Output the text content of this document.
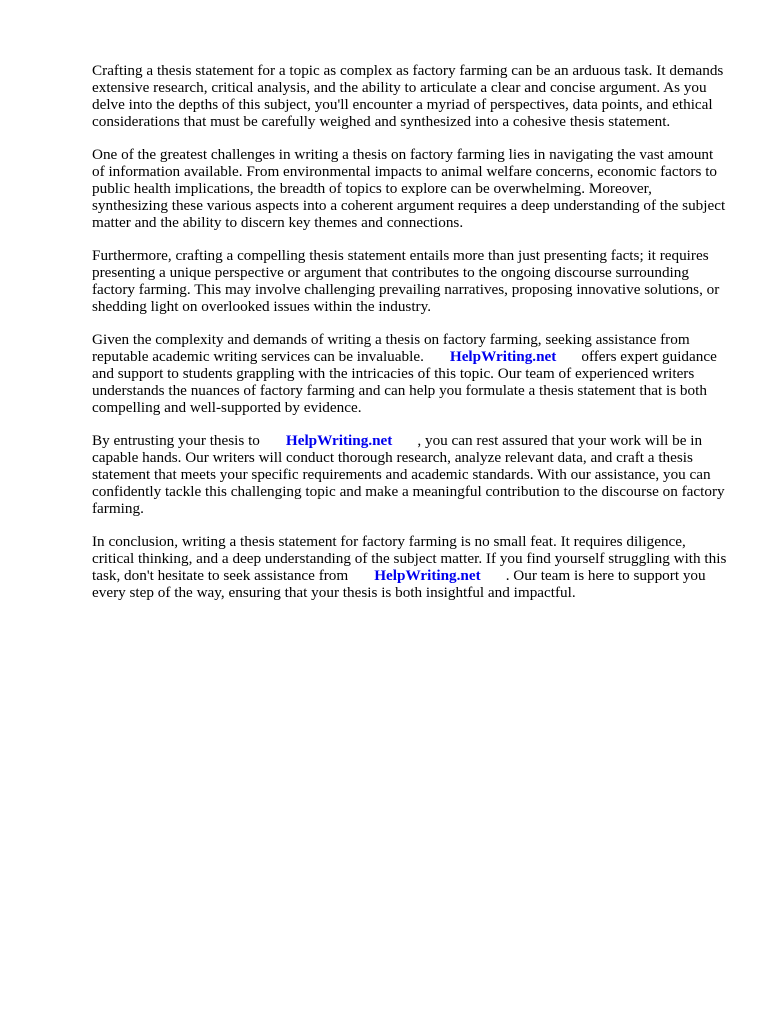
Crafting a thesis statement for a topic as complex as factory farming can be an arduous task. It demands extensive research, critical analysis, and the ability to articulate a clear and concise argument. As you delve into the depths of this subject, you'll encounter a myriad of perspectives, data points, and ethical considerations that must be carefully weighed and synthesized into a cohesive thesis statement.

One of the greatest challenges in writing a thesis on factory farming lies in navigating the vast amount of information available. From environmental impacts to animal welfare concerns, economic factors to public health implications, the breadth of topics to explore can be overwhelming. Moreover, synthesizing these various aspects into a coherent argument requires a deep understanding of the subject matter and the ability to discern key themes and connections.

Furthermore, crafting a compelling thesis statement entails more than just presenting facts; it requires presenting a unique perspective or argument that contributes to the ongoing discourse surrounding factory farming. This may involve challenging prevailing narratives, proposing innovative solutions, or shedding light on overlooked issues within the industry.

Given the complexity and demands of writing a thesis on factory farming, seeking assistance from reputable academic writing services can be invaluable. HelpWriting.net offers expert guidance and support to students grappling with the intricacies of this topic. Our team of experienced writers understands the nuances of factory farming and can help you formulate a thesis statement that is both compelling and well-supported by evidence.

By entrusting your thesis to HelpWriting.net , you can rest assured that your work will be in capable hands. Our writers will conduct thorough research, analyze relevant data, and craft a thesis statement that meets your specific requirements and academic standards. With our assistance, you can confidently tackle this challenging topic and make a meaningful contribution to the discourse on factory farming.

In conclusion, writing a thesis statement for factory farming is no small feat. It requires diligence, critical thinking, and a deep understanding of the subject matter. If you find yourself struggling with this task, don't hesitate to seek assistance from HelpWriting.net . Our team is here to support you every step of the way, ensuring that your thesis is both insightful and impactful.
